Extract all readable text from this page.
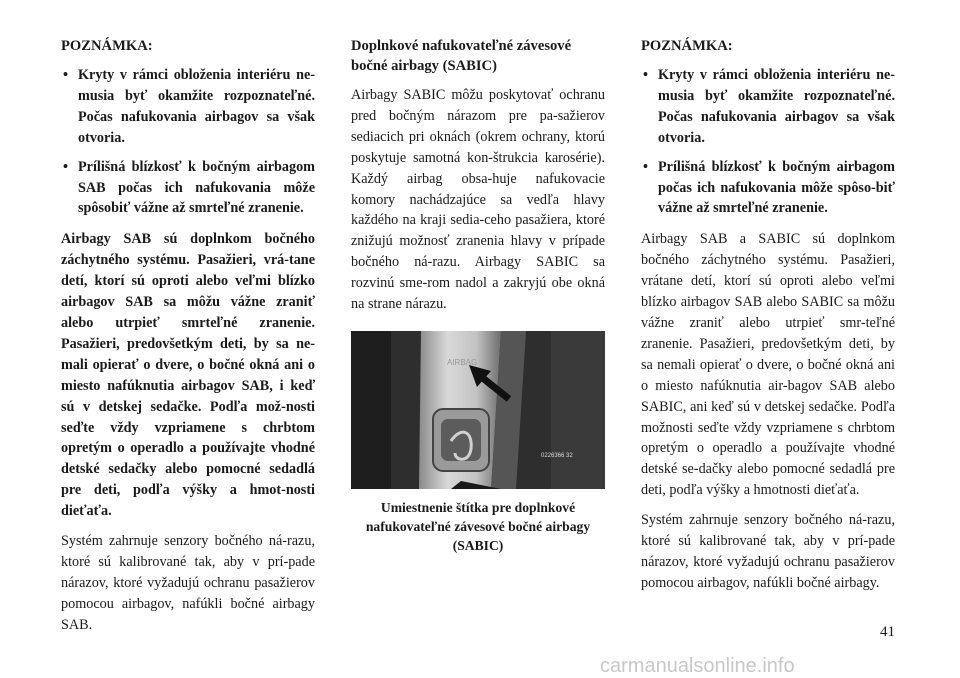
POZNÁMKA:
• Kryty v rámci obloženia interiéru ne-musia byť okamžite rozpoznateľné. Počas nafukovania airbagov sa však otvoria.
• Prílišná blízkosť k bočným airbagom SAB počas ich nafukovania môže spôsobiť vážne až smrteľné zranenie.

Airbagy SAB sú doplnkom bočného záchytného systému. Pasažieri, vrá-tane detí, ktorí sú oproti alebo veľmi blízko airbagov SAB sa môžu vážne zraniť alebo utrpieť smrteľné zranenie. Pasažieri, predovšetkým deti, by sa ne-mali opierať o dvere, o bočné okná ani o miesto nafúknutia airbagov SAB, i keď sú v detskej sedačke. Podľa mož-nosti seďte vždy vzpriamene s chrbtom opretým o operadlo a používajte vhodné detské sedačky alebo pomocné sedadlá pre deti, podľa výšky a hmot-nosti dieťaťa.

Systém zahrnuje senzory bočného ná-razu, ktoré sú kalibrované tak, aby v prí-pade nárazov, ktoré vyžadujú ochranu pasažierov pomocou airbagov, nafúkli bočné airbagy SAB.

Doplnkové nafukovateľné závesové bočné airbagy (SABIC)

Airbagy SABIC môžu poskytovať ochranu pred bočným nárazom pre pa-sažierov sediacich pri oknách (okrem ochrany, ktorú poskytuje samotná kon-štrukcia karosérie). Každý airbag obsa-huje nafukovacie komory nachádzajúce sa vedľa hlavy každého na kraji sedia-ceho pasažiera, ktoré znižujú možnosť zranenia hlavy v prípade bočného ná-razu. Airbagy SABIC sa rozvinú sme-rom nadol a zakryjú obe okná na strane nárazu.

AIRBAG
0226366 32
Umiestnenie štítka pre doplnkové nafukovateľné závesové bočné airbagy (SABIC)
POZNÁMKA:
• Kryty v rámci obloženia interiéru ne-musia byť okamžite rozpoznateľné. Počas nafukovania airbagov sa však otvoria.
• Prílišná blízkosť k bočným airbagom počas ich nafukovania môže spôso-biť vážne až smrteľné zranenie.

Airbagy SAB a SABIC sú doplnkom bočného záchytného systému. Pasažieri, vrátane detí, ktorí sú oproti alebo veľmi blízko airbagov SAB alebo SABIC sa môžu vážne zraniť alebo utrpieť smr-teľné zranenie. Pasažieri, predovšetkým deti, by sa nemali opierať o dvere, o bočné okná ani o miesto nafúknutia air-bagov SAB alebo SABIC, ani keď sú v detskej sedačke. Podľa možnosti seďte vždy vzpriamene s chrbtom opretým o operadlo a používajte vhodné detské se-dačky alebo pomocné sedadlá pre deti, podľa výšky a hmotnosti dieťaťa.

Systém zahrnuje senzory bočného ná-razu, ktoré sú kalibrované tak, aby v prí-pade nárazov, ktoré vyžadujú ochranu pasažierov pomocou airbagov, nafúkli bočné airbagy.

41
carmanualsonline.info
